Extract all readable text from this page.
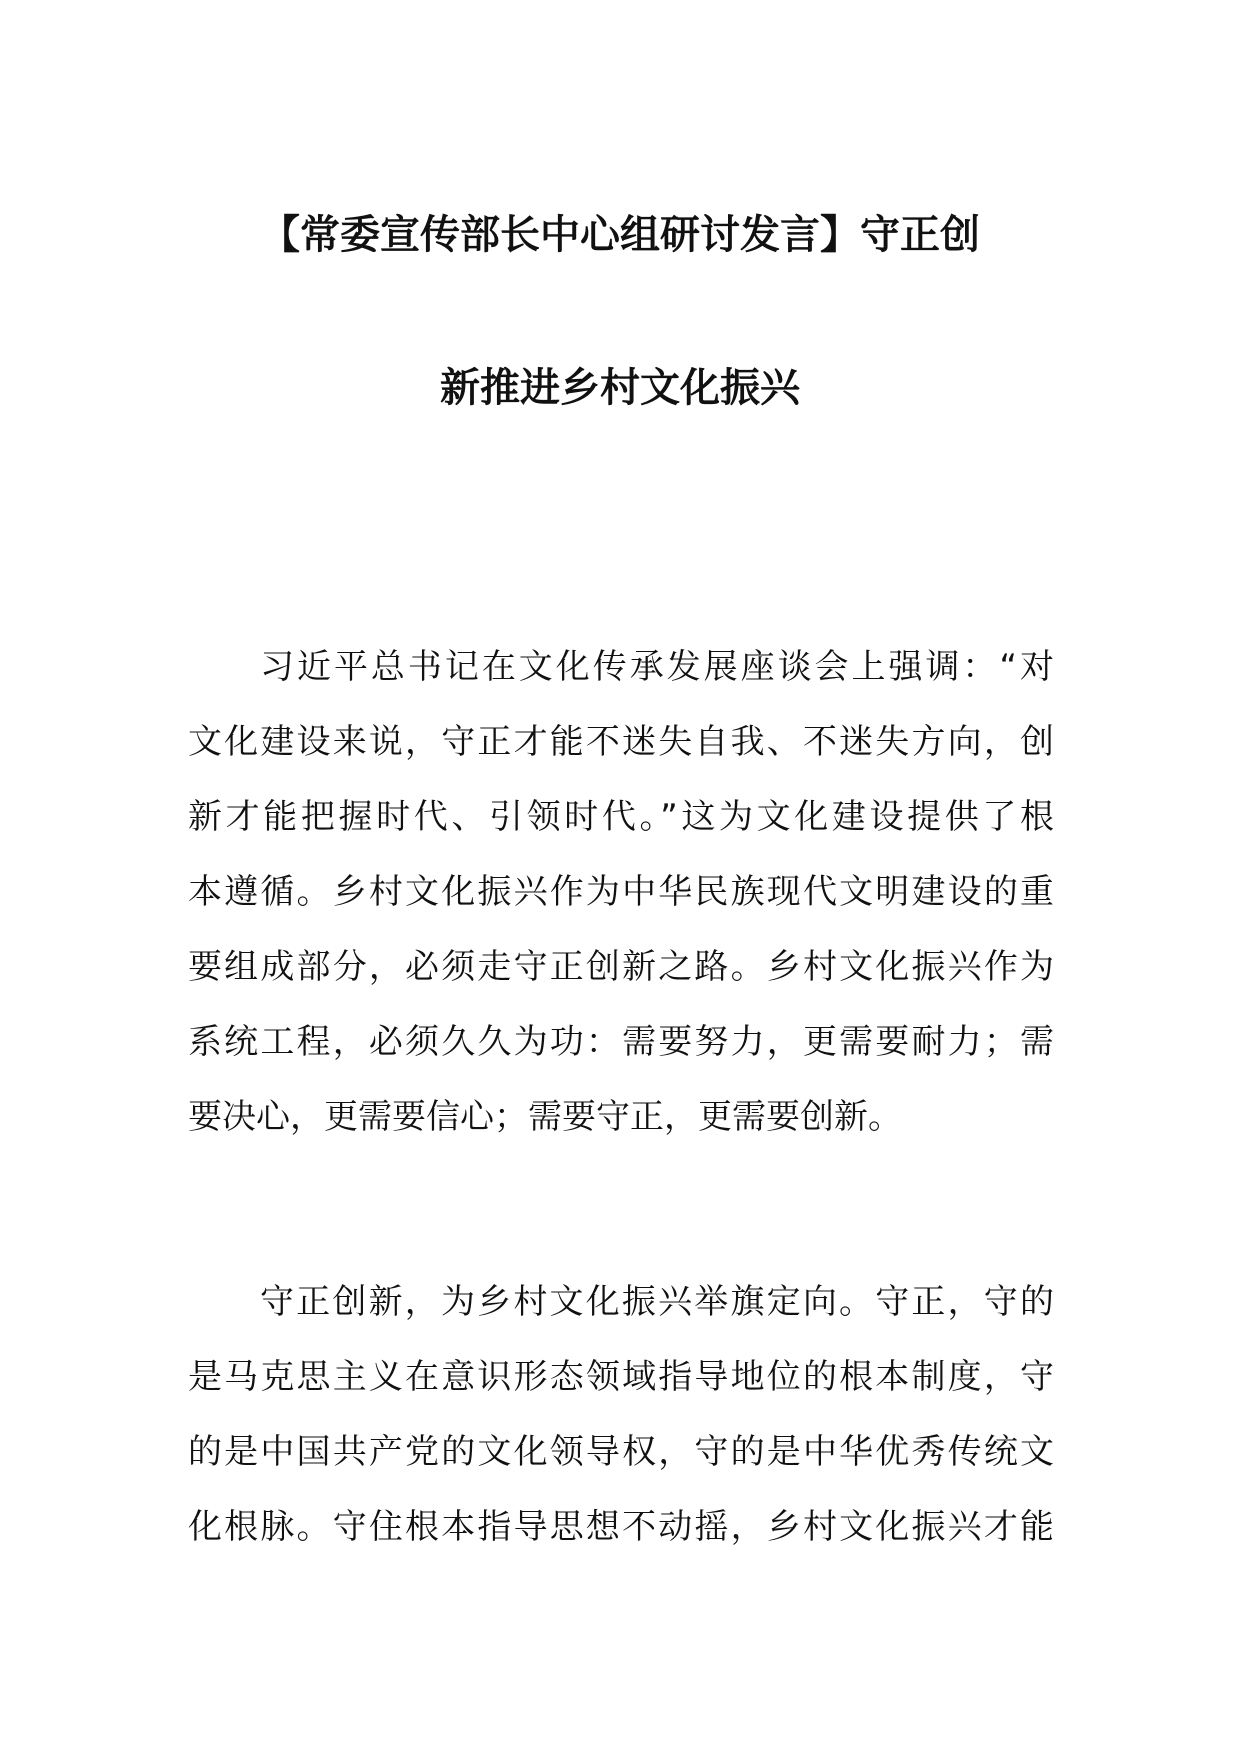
【常委宣传部长中心组研讨发言】守正创
新推进乡村文化振兴
习近平总书记在文化传承发展座谈会上强调：“对
文化建设来说，守正才能不迷失自我、不迷失方向，创
新才能把握时代、引领时代。”这为文化建设提供了根
本遵循。乡村文化振兴作为中华民族现代文明建设的重
要组成部分，必须走守正创新之路。乡村文化振兴作为
系统工程，必须久久为功：需要努力，更需要耐力；需
要决心，更需要信心；需要守正，更需要创新。
守正创新，为乡村文化振兴举旗定向。守正，守的
是马克思主义在意识形态领域指导地位的根本制度，守
的是中国共产党的文化领导权，守的是中华优秀传统文
化根脉。守住根本指导思想不动摇，乡村文化振兴才能
